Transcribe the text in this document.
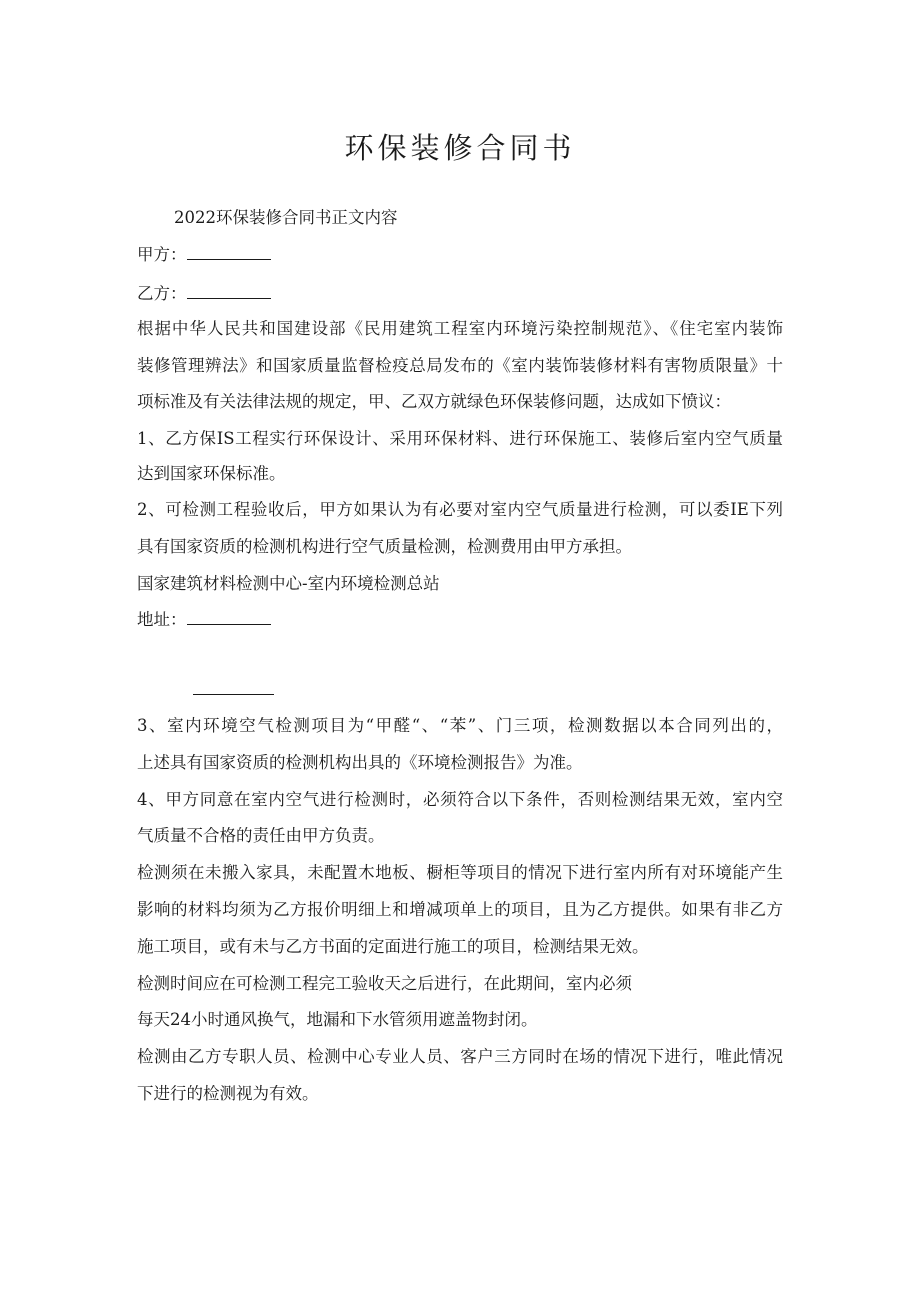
环保装修合同书
2022环保装修合同书正文内容
甲方：
乙方：
根据中华人民共和国建设部《民用建筑工程室内环境污染控制规范》、《住宅室内装饰
装修管理辨法》和国家质量监督检疫总局发布的《室内装饰装修材料有害物质限量》十
项标准及有关法律法规的规定，甲、乙双方就绿色环保装修问题，达成如下愤议：
1、乙方保IS工程实行环保设计、采用环保材料、进行环保施工、装修后室内空气质量
达到国家环保标准。
2、可检测工程验收后，甲方如果认为有必要对室内空气质量进行检测，可以委IE下列
具有国家资质的检测机构进行空气质量检测，检测费用由甲方承担。
国家建筑材料检测中心-室内环境检测总站
地址：
3、室内环境空气检测项目为“甲醛“、“苯”、门三项，检测数据以本合同列出的，
上述具有国家资质的检测机构出具的《环境检测报告》为准。
4、甲方同意在室内空气进行检测时，必须符合以下条件，否则检测结果无效，室内空
气质量不合格的责任由甲方负责。
检测须在未搬入家具，未配置木地板、橱柜等项目的情况下进行室内所有对环境能产生
影响的材料均须为乙方报价明细上和增减项单上的项目，且为乙方提供。如果有非乙方
施工项目，或有未与乙方书面的定面进行施工的项目，检测结果无效。
检测时间应在可检测工程完工验收天之后进行，在此期间，室内必须
每天24小时通风换气，地漏和下水管须用遮盖物封闭。
检测由乙方专职人员、检测中心专业人员、客户三方同时在场的情况下进行，唯此情况
下进行的检测视为有效。
